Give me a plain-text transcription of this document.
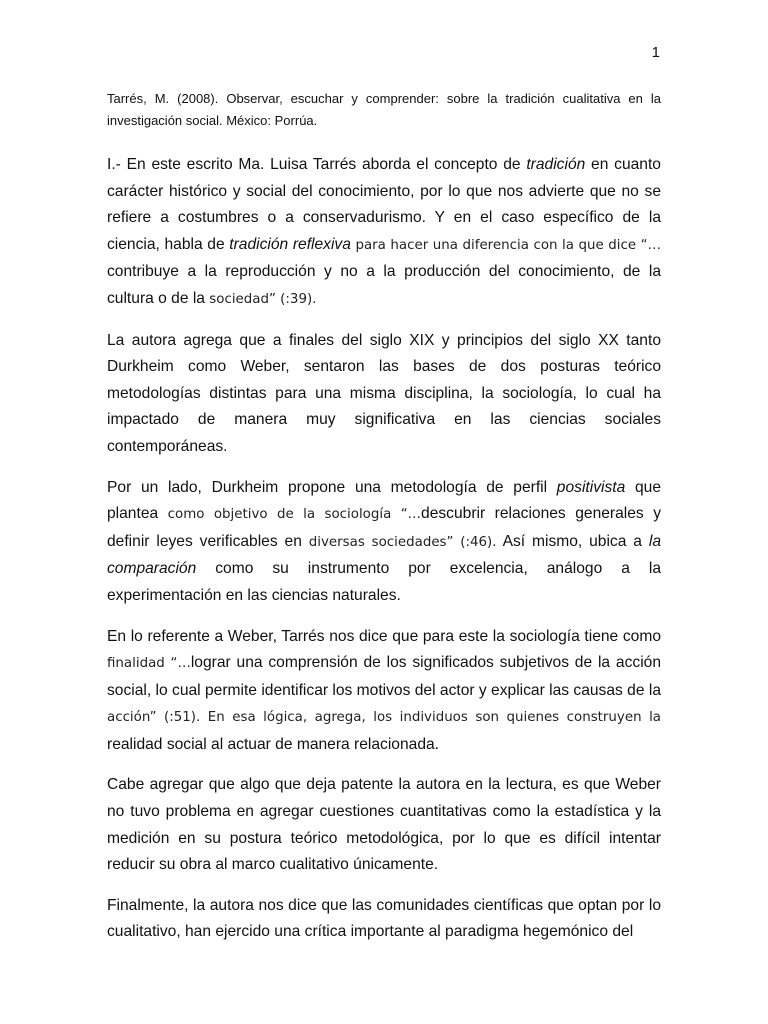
1
Tarrés, M. (2008). Observar, escuchar y comprender: sobre la tradición cualitativa en la investigación social. México: Porrúa.

I.- En este escrito Ma. Luisa Tarrés aborda el concepto de tradición en cuanto carácter histórico y social del conocimiento, por lo que nos advierte que no se refiere a costumbres o a conservadurismo. Y en el caso específico de la ciencia, habla de tradición reflexiva para hacer una diferencia con la que dice “…contribuye a la reproducción y no a la producción del conocimiento, de la cultura o de la sociedad” (:39).

La autora agrega que a finales del siglo XIX y principios del siglo XX tanto Durkheim como Weber, sentaron las bases de dos posturas teórico metodologías distintas para una misma disciplina, la sociología, lo cual ha impactado de manera muy significativa en las ciencias sociales contemporáneas.

Por un lado, Durkheim propone una metodología de perfil positivista que plantea como objetivo de la sociología “…descubrir relaciones generales y definir leyes verificables en diversas sociedades” (:46). Así mismo, ubica a la comparación como su instrumento por excelencia, análogo a la experimentación en las ciencias naturales.

En lo referente a Weber, Tarrés nos dice que para este la sociología tiene como finalidad “…lograr una comprensión de los significados subjetivos de la acción social, lo cual permite identificar los motivos del actor y explicar las causas de la acción” (:51). En esa lógica, agrega, los individuos son quienes construyen la realidad social al actuar de manera relacionada.

Cabe agregar que algo que deja patente la autora en la lectura, es que Weber no tuvo problema en agregar cuestiones cuantitativas como la estadística y la medición en su postura teórico metodológica, por lo que es difícil intentar reducir su obra al marco cualitativo únicamente.

Finalmente, la autora nos dice que las comunidades científicas que optan por lo cualitativo, han ejercido una crítica importante al paradigma hegemónico del
